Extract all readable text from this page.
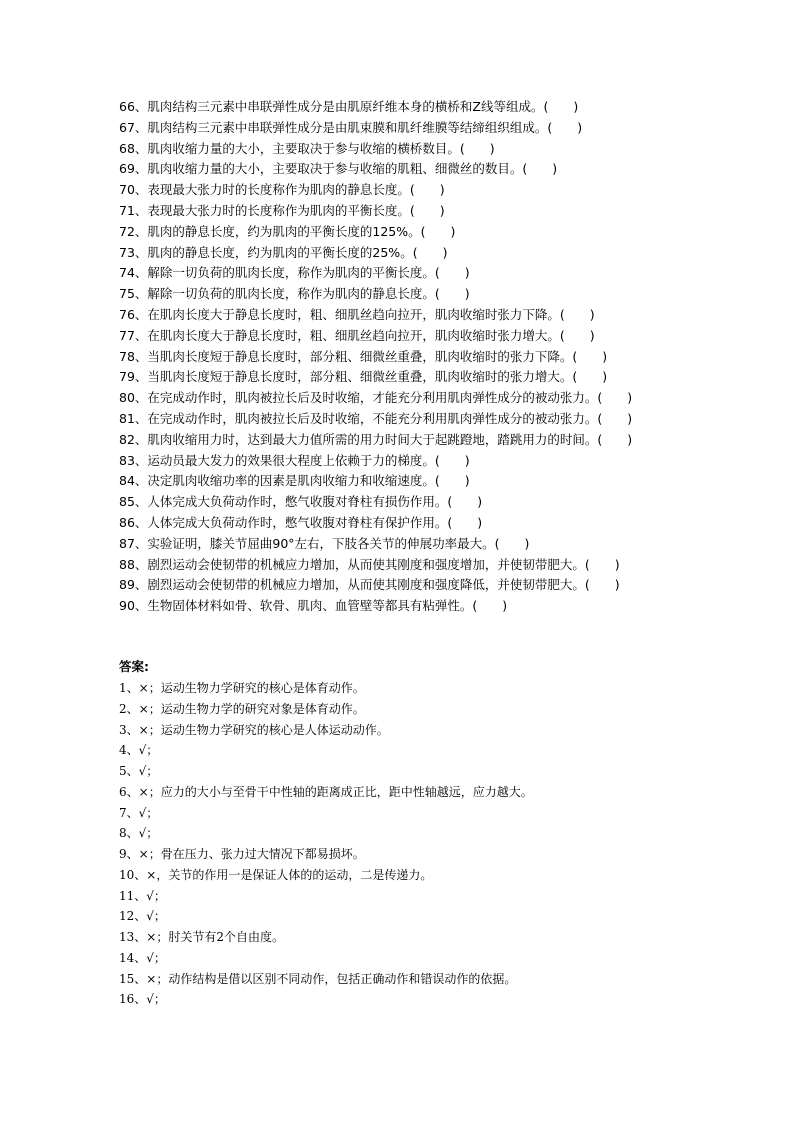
66、肌肉结构三元素中串联弹性成分是由肌原纤维本身的横桥和Z线等组成。(　　)
67、肌肉结构三元素中串联弹性成分是由肌束膜和肌纤维膜等结缔组织组成。(　　)
68、肌肉收缩力量的大小，主要取决于参与收缩的横桥数目。(　　)
69、肌肉收缩力量的大小，主要取决于参与收缩的肌粗、细微丝的数目。(　　)
70、表现最大张力时的长度称作为肌肉的静息长度。(　　)
71、表现最大张力时的长度称作为肌肉的平衡长度。(　　)
72、肌肉的静息长度，约为肌肉的平衡长度的125%。(　　)
73、肌肉的静息长度，约为肌肉的平衡长度的25%。(　　)
74、解除一切负荷的肌肉长度，称作为肌肉的平衡长度。(　　)
75、解除一切负荷的肌肉长度，称作为肌肉的静息长度。(　　)
76、在肌肉长度大于静息长度时，粗、细肌丝趋向拉开，肌肉收缩时张力下降。(　　)
77、在肌肉长度大于静息长度时，粗、细肌丝趋向拉开，肌肉收缩时张力增大。(　　)
78、当肌肉长度短于静息长度时，部分粗、细微丝重叠，肌肉收缩时的张力下降。(　　)
79、当肌肉长度短于静息长度时，部分粗、细微丝重叠，肌肉收缩时的张力增大。(　　)
80、在完成动作时，肌肉被拉长后及时收缩，才能充分利用肌肉弹性成分的被动张力。(　　)
81、在完成动作时，肌肉被拉长后及时收缩，不能充分利用肌肉弹性成分的被动张力。(　　)
82、肌肉收缩用力时，达到最大力值所需的用力时间大于起跳蹬地，踏跳用力的时间。(　　)
83、运动员最大发力的效果很大程度上依赖于力的梯度。(　　)
84、决定肌肉收缩功率的因素是肌肉收缩力和收缩速度。(　　)
85、人体完成大负荷动作时，憋气收腹对脊柱有损伤作用。(　　)
86、人体完成大负荷动作时，憋气收腹对脊柱有保护作用。(　　)
87、实验证明，膝关节屈曲90°左右，下肢各关节的伸展功率最大。(　　)
88、剧烈运动会使韧带的机械应力增加，从而使其刚度和强度增加，并使韧带肥大。(　　)
89、剧烈运动会使韧带的机械应力增加，从而使其刚度和强度降低，并使韧带肥大。(　　)
90、生物固体材料如骨、软骨、肌肉、血管壁等都具有粘弹性。(　　)

答案:

1、×；运动生物力学研究的核心是体育动作。
2、×；运动生物力学的研究对象是体育动作。
3、×；运动生物力学研究的核心是人体运动动作。
4、√；
5、√；
6、×；应力的大小与至骨干中性轴的距离成正比，距中性轴越远，应力越大。
7、√；
8、√；
9、×；骨在压力、张力过大情况下都易损坏。
10、×，关节的作用一是保证人体的的运动，二是传递力。
11、√；
12、√；
13、×；肘关节有2个自由度。
14、√；
15、×；动作结构是借以区别不同动作，包括正确动作和错误动作的依据。
16、√；
